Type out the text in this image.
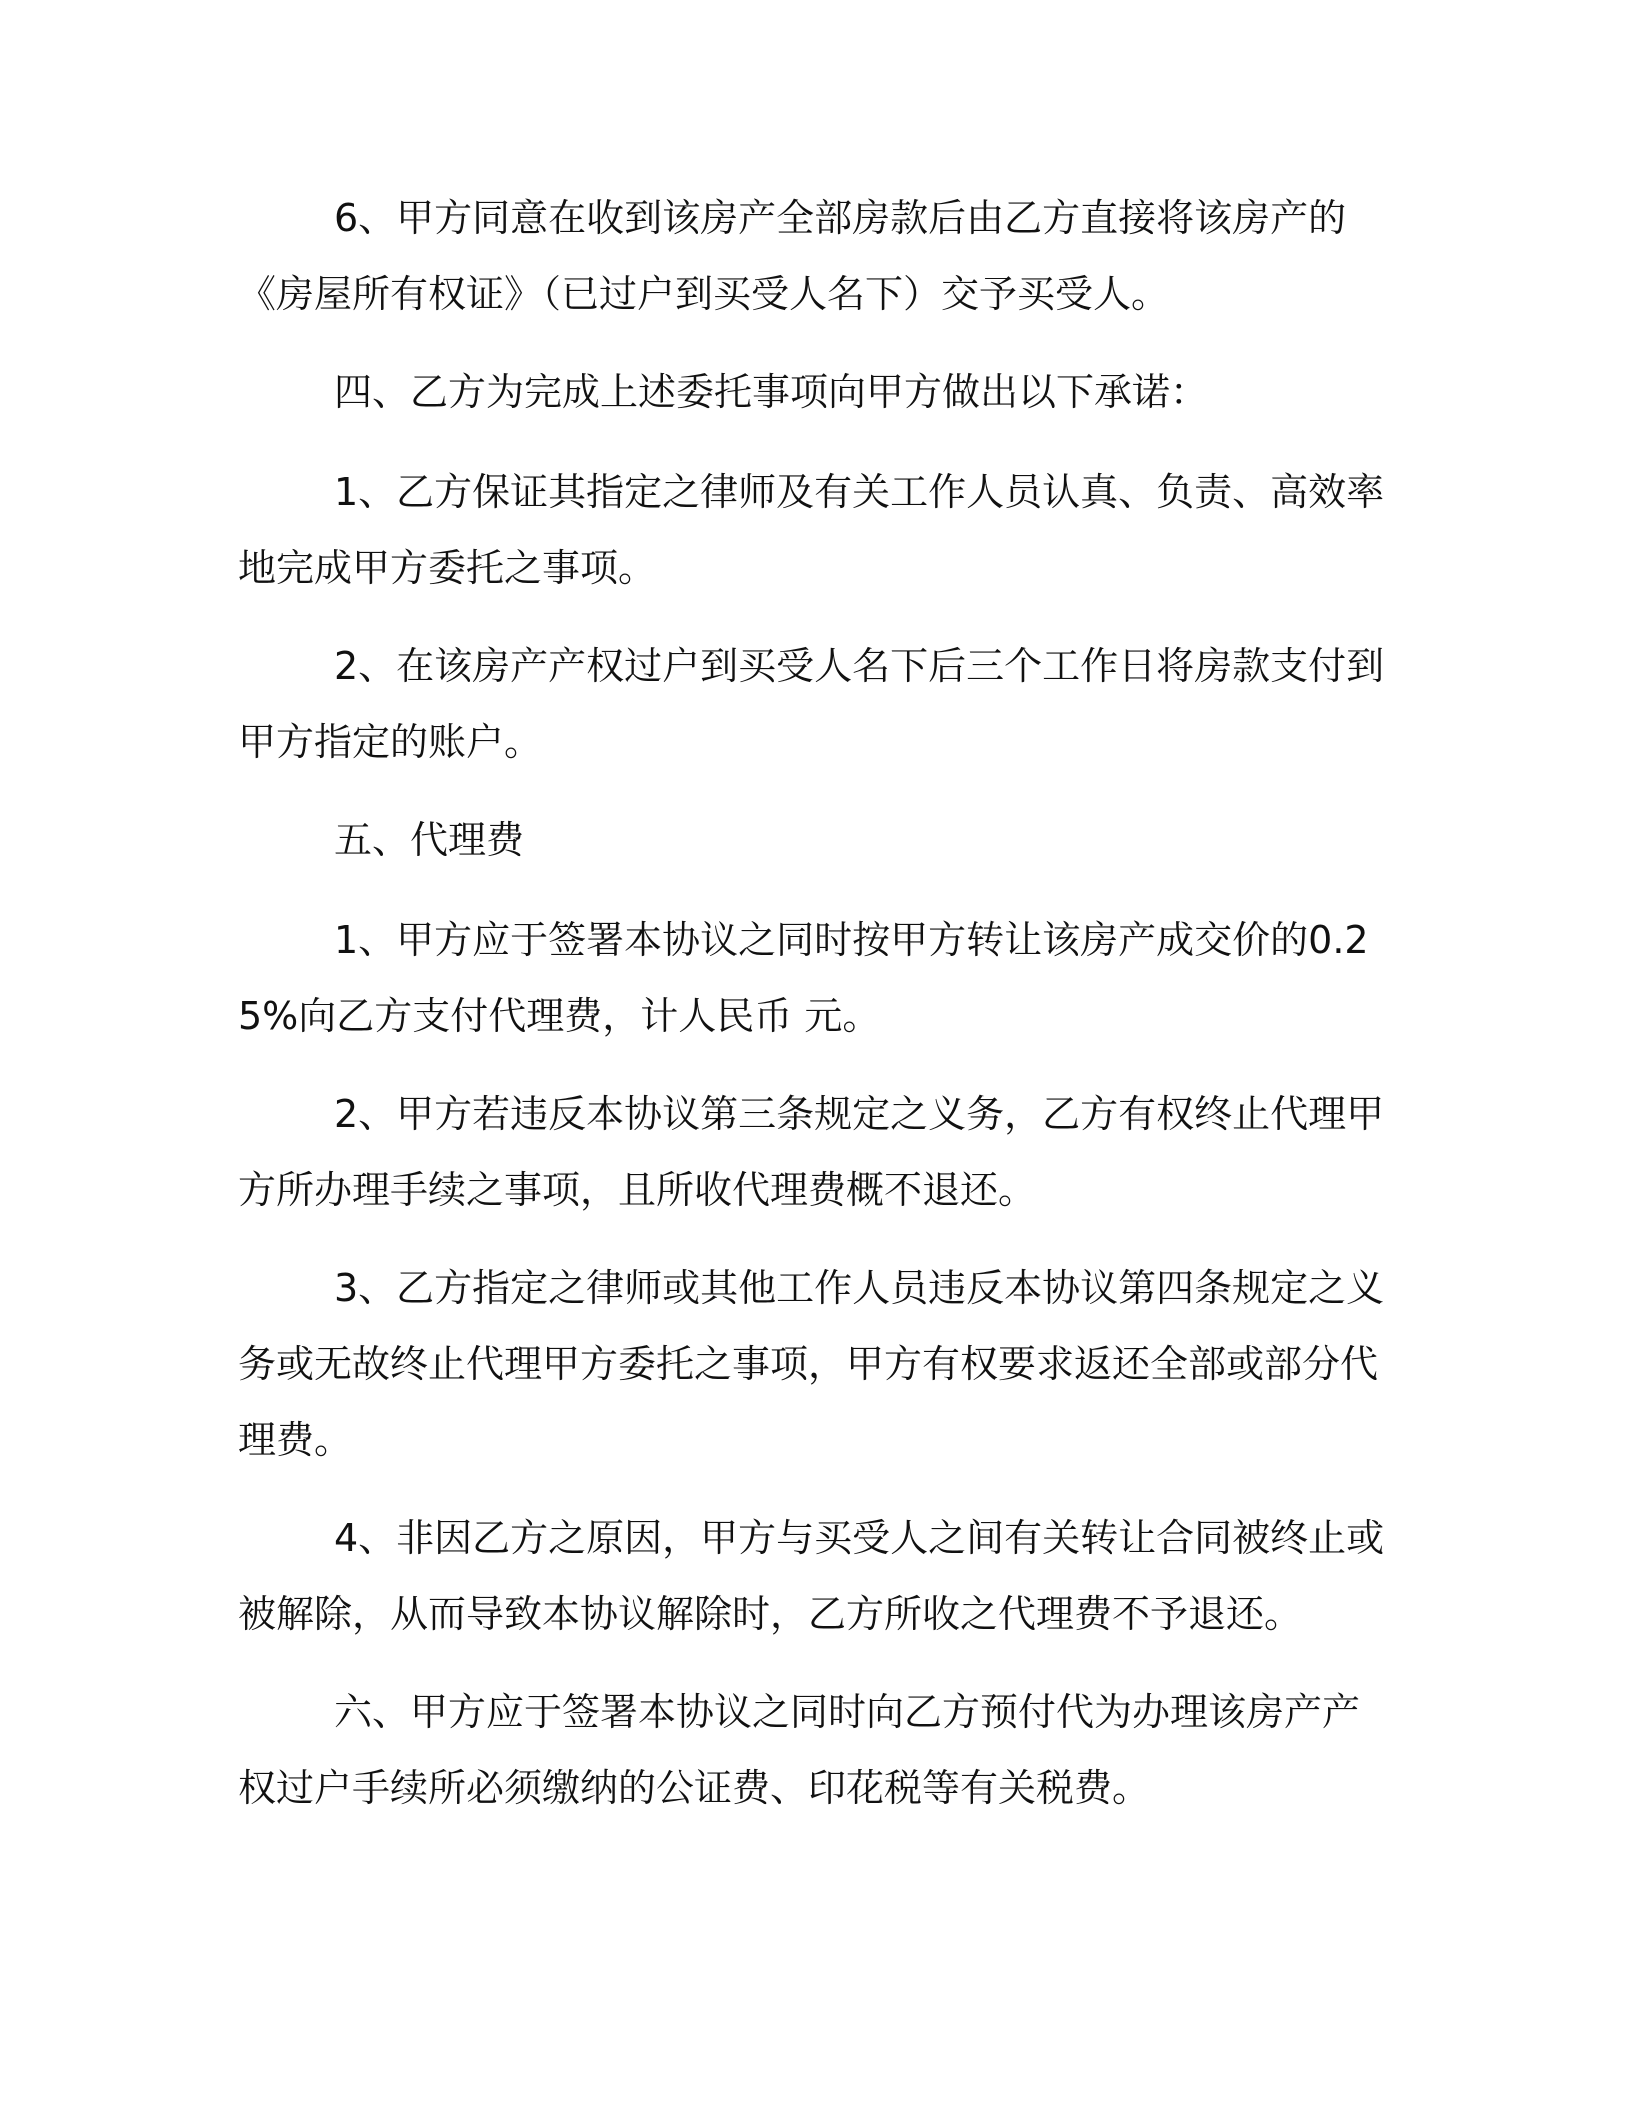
6、甲方同意在收到该房产全部房款后由乙方直接将该房产的《房屋所有权证》（已过户到买受人名下）交予买受人。

四、乙方为完成上述委托事项向甲方做出以下承诺：

1、乙方保证其指定之律师及有关工作人员认真、负责、高效率地完成甲方委托之事项。

2、在该房产产权过户到买受人名下后三个工作日将房款支付到甲方指定的账户。

五、代理费

1、甲方应于签署本协议之同时按甲方转让该房产成交价的0.25%向乙方支付代理费，计人民币 元。

2、甲方若违反本协议第三条规定之义务，乙方有权终止代理甲方所办理手续之事项，且所收代理费概不退还。

3、乙方指定之律师或其他工作人员违反本协议第四条规定之义务或无故终止代理甲方委托之事项，甲方有权要求返还全部或部分代理费。

4、非因乙方之原因，甲方与买受人之间有关转让合同被终止或被解除，从而导致本协议解除时，乙方所收之代理费不予退还。

六、甲方应于签署本协议之同时向乙方预付代为办理该房产产权过户手续所必须缴纳的公证费、印花税等有关税费。
